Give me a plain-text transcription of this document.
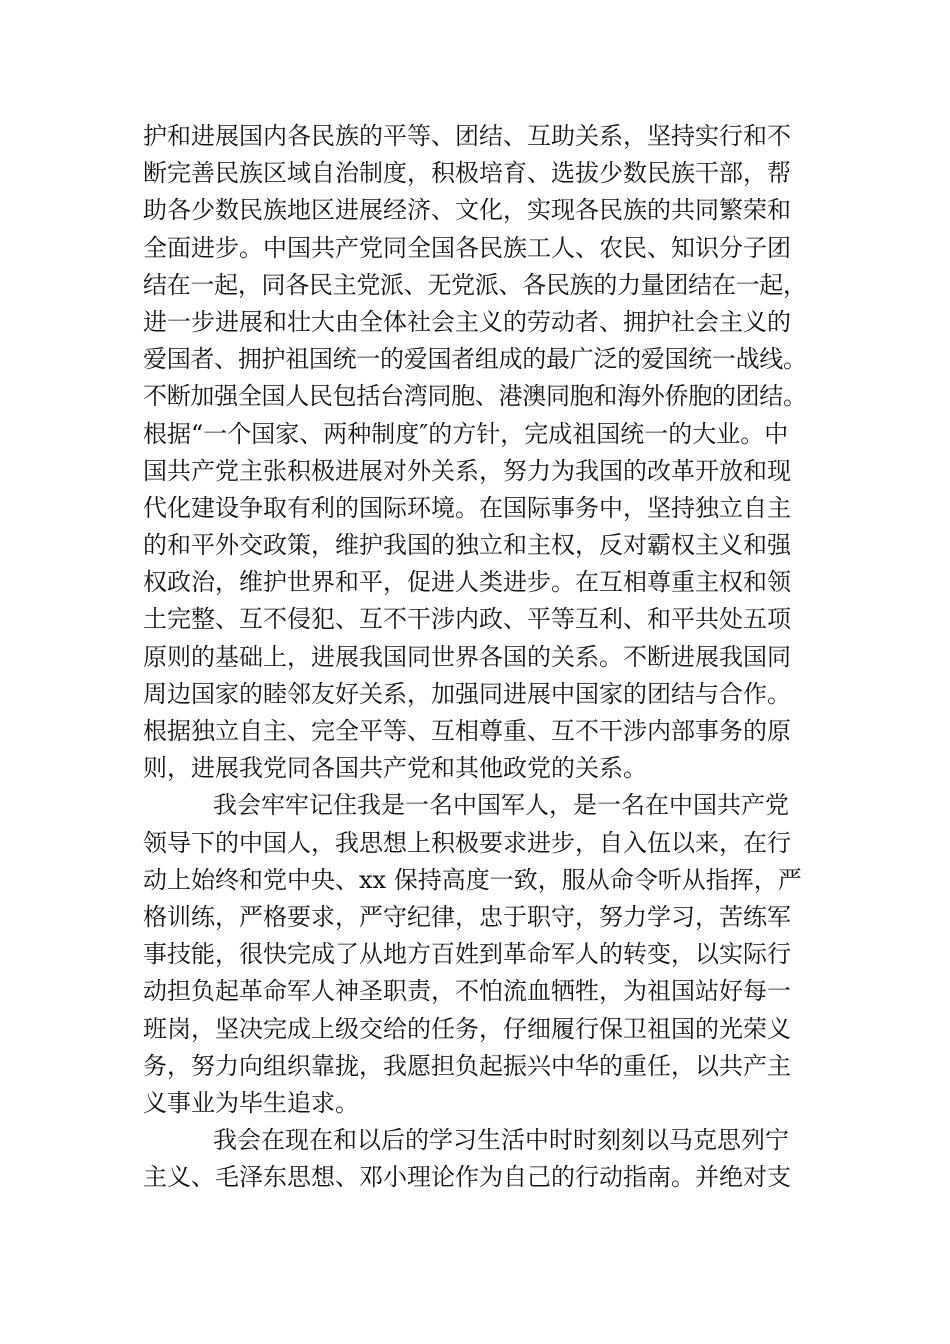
护和进展国内各民族的平等、团结、互助关系，坚持实行和不
断完善民族区域自治制度，积极培育、选拔少数民族干部，帮
助各少数民族地区进展经济、文化，实现各民族的共同繁荣和
全面进步。中国共产党同全国各民族工人、农民、知识分子团
结在一起，同各民主党派、无党派、各民族的力量团结在一起，
进一步进展和壮大由全体社会主义的劳动者、拥护社会主义的
爱国者、拥护祖国统一的爱国者组成的最广泛的爱国统一战线。
不断加强全国人民包括台湾同胞、港澳同胞和海外侨胞的团结。
根据“一个国家、两种制度″的方针，完成祖国统一的大业。中
国共产党主张积极进展对外关系，努力为我国的改革开放和现
代化建设争取有利的国际环境。在国际事务中，坚持独立自主
的和平外交政策，维护我国的独立和主权，反对霸权主义和强
权政治，维护世界和平，促进人类进步。在互相尊重主权和领
土完整、互不侵犯、互不干涉内政、平等互利、和平共处五项
原则的基础上，进展我国同世界各国的关系。不断进展我国同
周边国家的睦邻友好关系，加强同进展中国家的团结与合作。
根据独立自主、完全平等、互相尊重、互不干涉内部事务的原
则，进展我党同各国共产党和其他政党的关系。
我会牢牢记住我是一名中国军人，是一名在中国共产党
领导下的中国人，我思想上积极要求进步，自入伍以来，在行
动上始终和党中央、xx 保持高度一致，服从命令听从指挥，严
格训练，严格要求，严守纪律，忠于职守，努力学习，苦练军
事技能，很快完成了从地方百姓到革命军人的转变，以实际行
动担负起革命军人神圣职责，不怕流血牺牲，为祖国站好每一
班岗，坚决完成上级交给的任务，仔细履行保卫祖国的光荣义
务，努力向组织靠拢，我愿担负起振兴中华的重任，以共产主
义事业为毕生追求。
我会在现在和以后的学习生活中时时刻刻以马克思列宁
主义、毛泽东思想、邓小理论作为自己的行动指南。并绝对支
